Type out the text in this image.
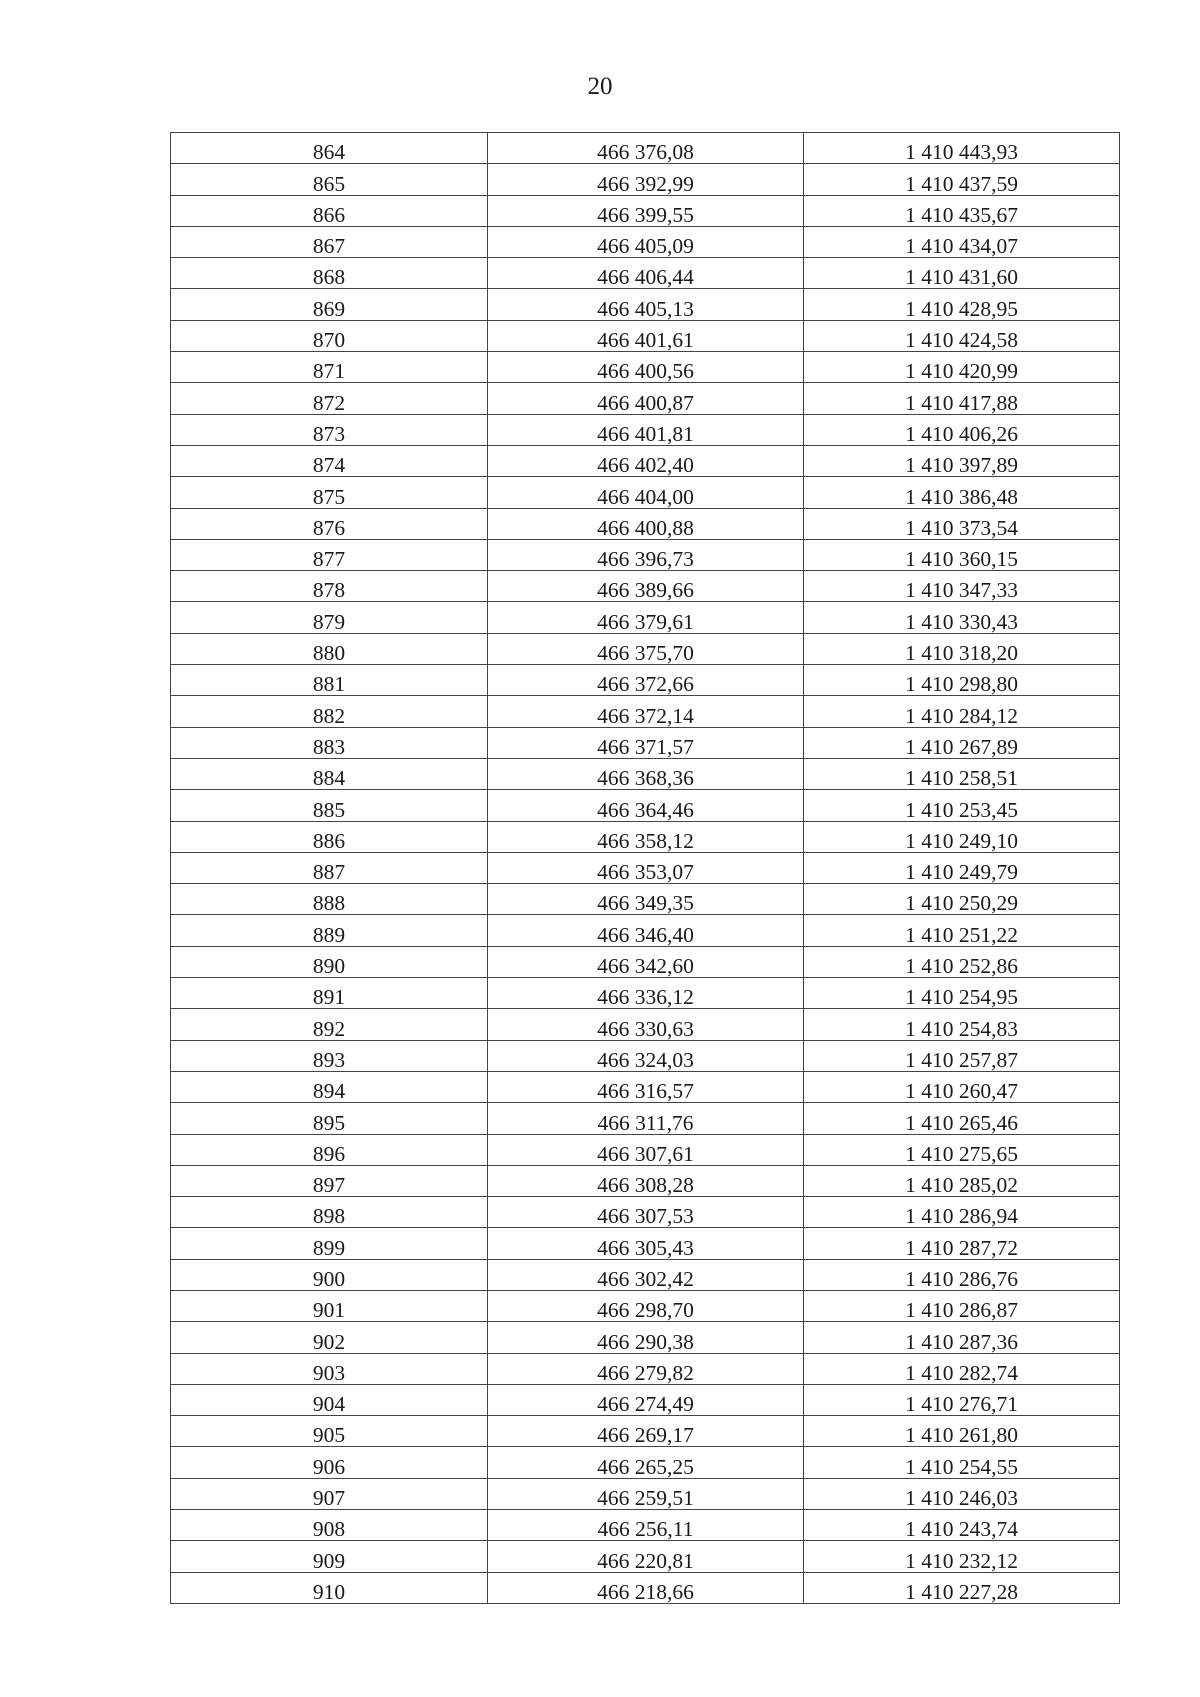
20
864	466 376,08	1 410 443,93
865	466 392,99	1 410 437,59
866	466 399,55	1 410 435,67
867	466 405,09	1 410 434,07
868	466 406,44	1 410 431,60
869	466 405,13	1 410 428,95
870	466 401,61	1 410 424,58
871	466 400,56	1 410 420,99
872	466 400,87	1 410 417,88
873	466 401,81	1 410 406,26
874	466 402,40	1 410 397,89
875	466 404,00	1 410 386,48
876	466 400,88	1 410 373,54
877	466 396,73	1 410 360,15
878	466 389,66	1 410 347,33
879	466 379,61	1 410 330,43
880	466 375,70	1 410 318,20
881	466 372,66	1 410 298,80
882	466 372,14	1 410 284,12
883	466 371,57	1 410 267,89
884	466 368,36	1 410 258,51
885	466 364,46	1 410 253,45
886	466 358,12	1 410 249,10
887	466 353,07	1 410 249,79
888	466 349,35	1 410 250,29
889	466 346,40	1 410 251,22
890	466 342,60	1 410 252,86
891	466 336,12	1 410 254,95
892	466 330,63	1 410 254,83
893	466 324,03	1 410 257,87
894	466 316,57	1 410 260,47
895	466 311,76	1 410 265,46
896	466 307,61	1 410 275,65
897	466 308,28	1 410 285,02
898	466 307,53	1 410 286,94
899	466 305,43	1 410 287,72
900	466 302,42	1 410 286,76
901	466 298,70	1 410 286,87
902	466 290,38	1 410 287,36
903	466 279,82	1 410 282,74
904	466 274,49	1 410 276,71
905	466 269,17	1 410 261,80
906	466 265,25	1 410 254,55
907	466 259,51	1 410 246,03
908	466 256,11	1 410 243,74
909	466 220,81	1 410 232,12
910	466 218,66	1 410 227,28
